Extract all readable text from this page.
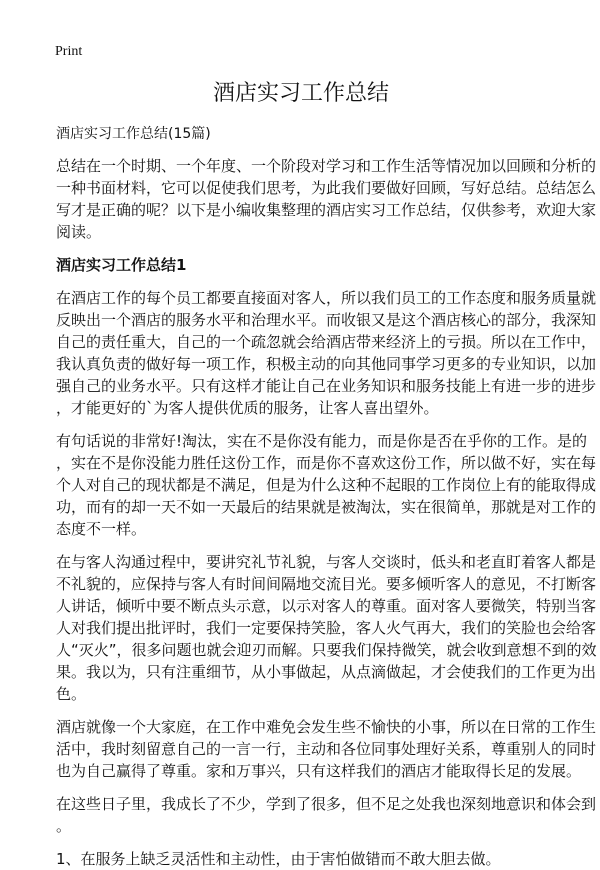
Print
酒店实习工作总结
酒店实习工作总结(15篇)
总结在一个时期、一个年度、一个阶段对学习和工作生活等情况加以回顾和分析的
一种书面材料，它可以促使我们思考，为此我们要做好回顾，写好总结。总结怎么
写才是正确的呢？以下是小编收集整理的酒店实习工作总结，仅供参考，欢迎大家
阅读。
酒店实习工作总结1
在酒店工作的每个员工都要直接面对客人，所以我们员工的工作态度和服务质量就
反映出一个酒店的服务水平和治理水平。而收银又是这个酒店核心的部分，我深知
自己的责任重大，自己的一个疏忽就会给酒店带来经济上的亏损。所以在工作中，
我认真负责的做好每一项工作，积极主动的向其他同事学习更多的专业知识，以加
强自己的业务水平。只有这样才能让自己在业务知识和服务技能上有进一步的进步
，才能更好的`为客人提供优质的服务，让客人喜出望外。
有句话说的非常好!淘汰，实在不是你没有能力，而是你是否在乎你的工作。是的
，实在不是你没能力胜任这份工作，而是你不喜欢这份工作，所以做不好，实在每
个人对自己的现状都是不满足，但是为什么这种不起眼的工作岗位上有的能取得成
功，而有的却一天不如一天最后的结果就是被淘汰，实在很简单，那就是对工作的
态度不一样。
在与客人沟通过程中，要讲究礼节礼貌，与客人交谈时，低头和老直盯着客人都是
不礼貌的，应保持与客人有时间间隔地交流目光。要多倾听客人的意见，不打断客
人讲话，倾听中要不断点头示意，以示对客人的尊重。面对客人要微笑，特别当客
人对我们提出批评时，我们一定要保持笑脸，客人火气再大，我们的笑脸也会给客
人“灭火”，很多问题也就会迎刃而解。只要我们保持微笑，就会收到意想不到的效
果。我以为，只有注重细节，从小事做起，从点滴做起，才会使我们的工作更为出
色。
酒店就像一个大家庭，在工作中难免会发生些不愉快的小事，所以在日常的工作生
活中，我时刻留意自己的一言一行，主动和各位同事处理好关系，尊重别人的同时
也为自己赢得了尊重。家和万事兴，只有这样我们的酒店才能取得长足的发展。
在这些日子里，我成长了不少，学到了很多，但不足之处我也深刻地意识和体会到
。
1、在服务上缺乏灵活性和主动性，由于害怕做错而不敢大胆去做。
